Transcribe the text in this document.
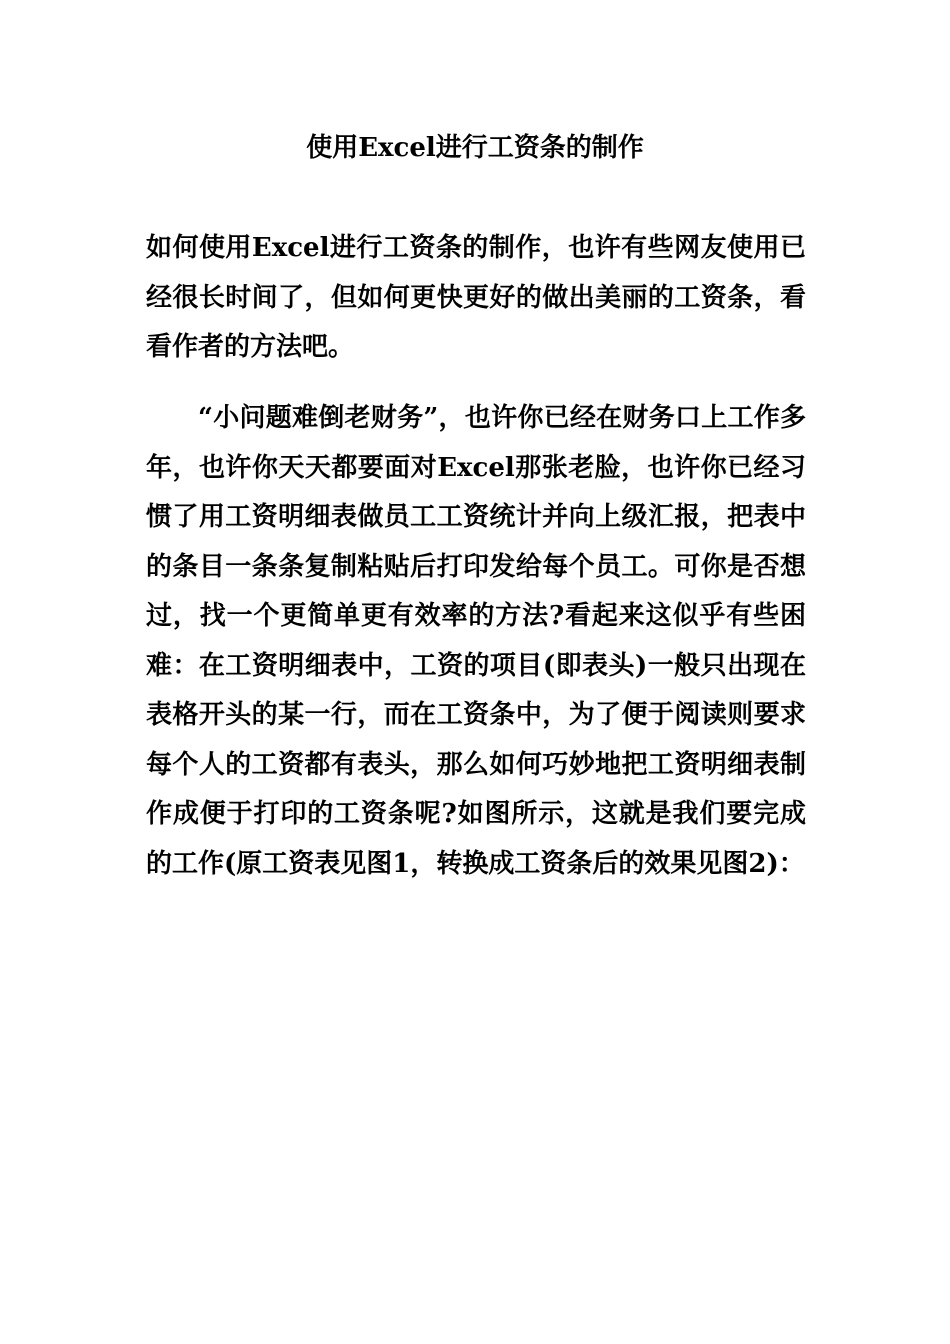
使用Excel进行工资条的制作

如何使用Excel进行工资条的制作，也许有些网友使用已经很长时间了，但如何更快更好的做出美丽的工资条，看看作者的方法吧。

“小问题难倒老财务”，也许你已经在财务口上工作多年，也许你天天都要面对Excel那张老脸，也许你已经习惯了用工资明细表做员工工资统计并向上级汇报，把表中的条目一条条复制粘贴后打印发给每个员工。可你是否想过，找一个更简单更有效率的方法?看起来这似乎有些困难：在工资明细表中，工资的项目(即表头)一般只出现在表格开头的某一行，而在工资条中，为了便于阅读则要求每个人的工资都有表头，那么如何巧妙地把工资明细表制作成便于打印的工资条呢?如图所示，这就是我们要完成的工作(原工资表见图1，转换成工资条后的效果见图2)：
